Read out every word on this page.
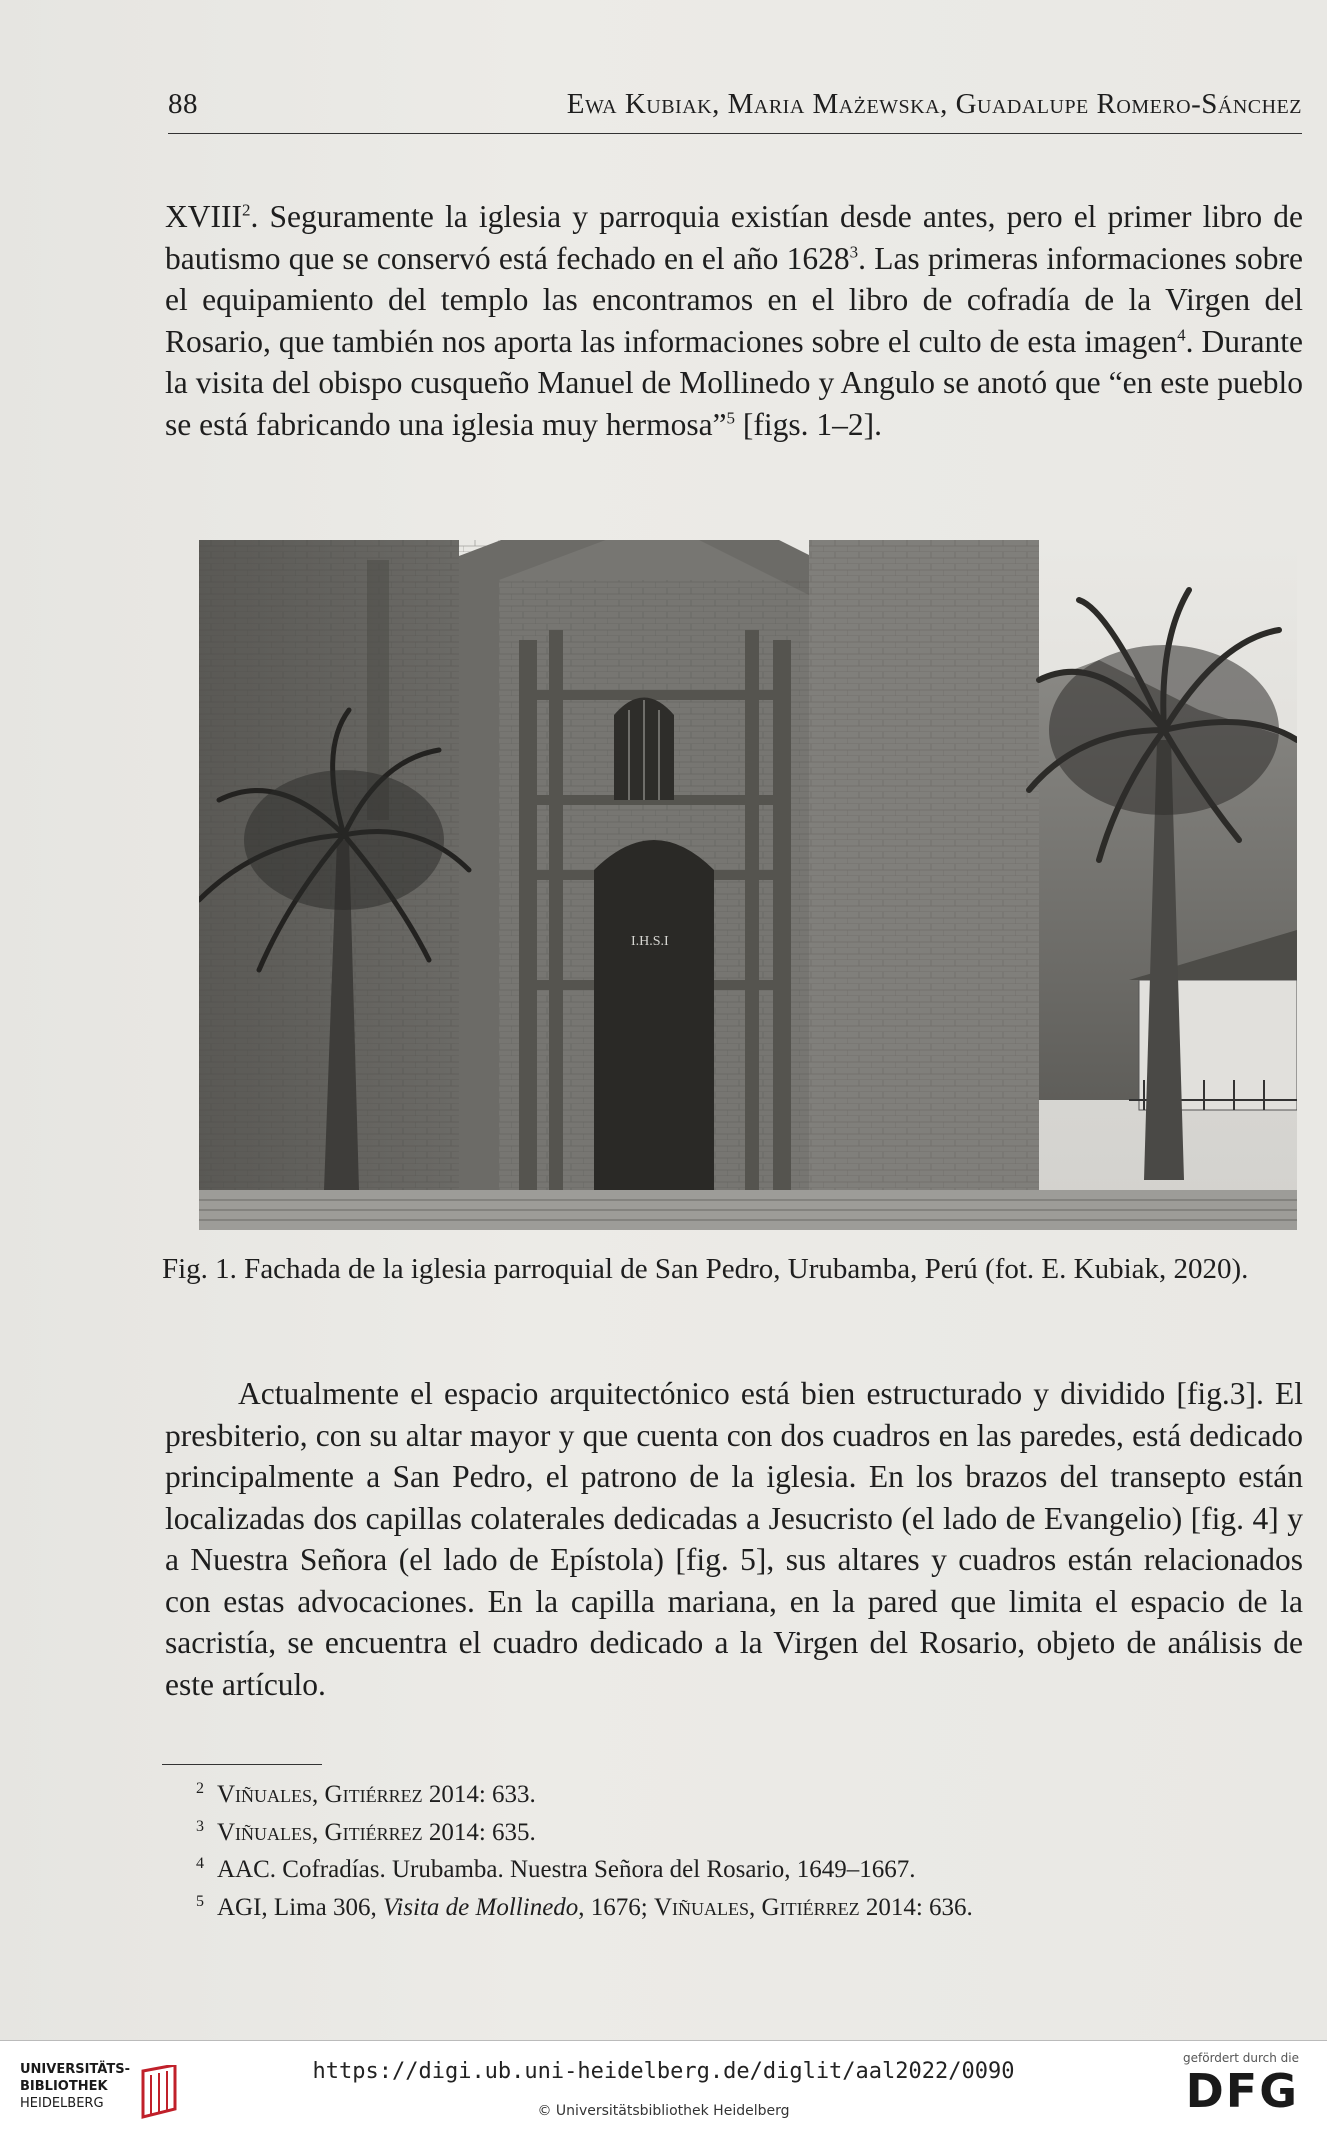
88	Ewa Kubiak, Maria Mażewska, Guadalupe Romero-Sánchez

XVIII$^2$. Seguramente la iglesia y parroquia existían desde antes, pero el primer libro de bautismo que se conservó está fechado en el año 1628$^3$. Las primeras informaciones sobre el equipamiento del templo las encontramos en el libro de cofradía de la Virgen del Rosario, que también nos aporta las informaciones sobre el culto de esta imagen$^4$. Durante la visita del obispo cusqueño Manuel de Mollinedo y Angulo se anotó que “en este pueblo se está fabricando una iglesia muy hermosa”$^5$ [figs. 1–2].

I.H.S.I

Fig. 1. Fachada de la iglesia parroquial de San Pedro, Urubamba, Perú (fot. E. Kubiak, 2020).

Actualmente el espacio arquitectónico está bien estructurado y dividido [fig.3]. El presbiterio, con su altar mayor y que cuenta con dos cuadros en las paredes, está dedicado principalmente a San Pedro, el patrono de la iglesia. En los brazos del transepto están localizadas dos capillas colaterales dedicadas a Jesucristo (el lado de Evangelio) [fig. 4] y a Nuestra Señora (el lado de Epístola) [fig. 5], sus altares y cuadros están relacionados con estas advocaciones. En la capilla mariana, en la pared que limita el espacio de la sacristía, se encuentra el cuadro dedicado a la Virgen del Rosario, objeto de análisis de este artículo.

2 Viñuales, Gitiérrez 2014: 633.
3 Viñuales, Gitiérrez 2014: 635.
4 AAC. Cofradías. Urubamba. Nuestra Señora del Rosario, 1649–1667.
5 AGI, Lima 306, Visita de Mollinedo, 1676; Viñuales, Gitiérrez 2014: 636.
UNIVERSITÄTS-
BIBLIOTHEK
HEIDELBERG
https://digi.ub.uni-heidelberg.de/diglit/aal2022/0090
© Universitätsbibliothek Heidelberg
gefördert durch die
DFG
